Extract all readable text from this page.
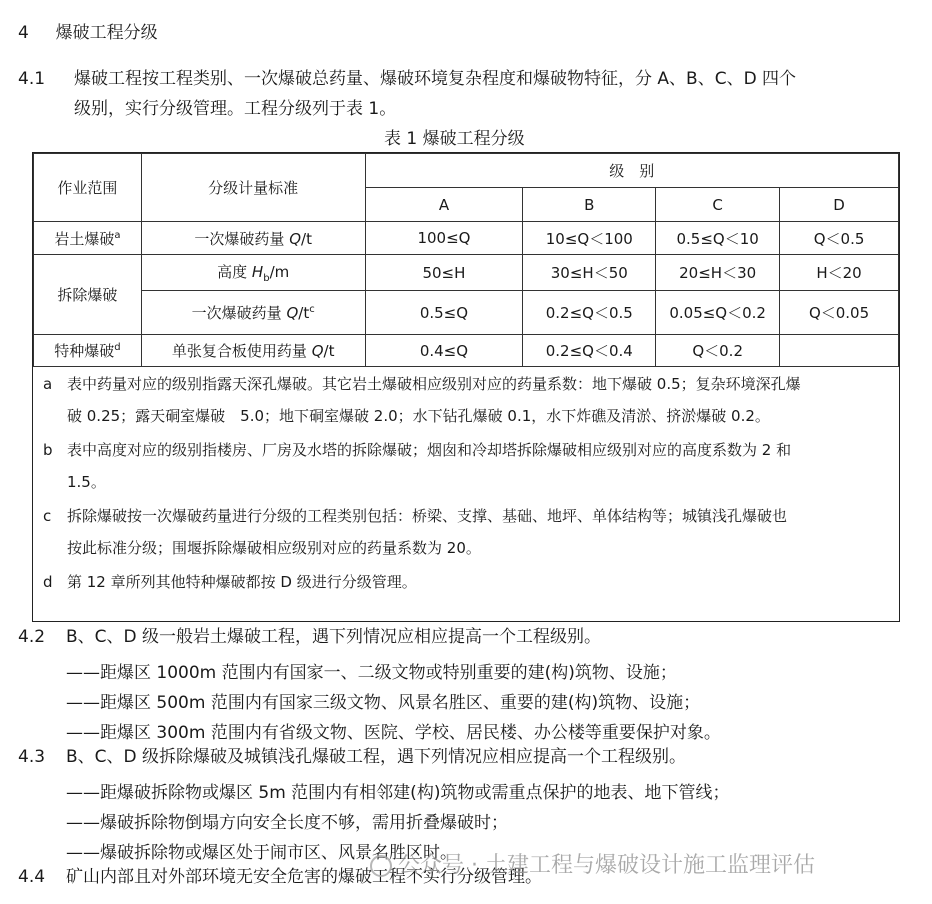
4 爆破工程分级
4.1 爆破工程按工程类别、一次爆破总药量、爆破环境复杂程度和爆破物特征，分 A、B、C、D 四个
级别，实行分级管理。工程分级列于表 1。
表 1 爆破工程分级
作业范围	分级计量标准	级　别			
		A	B	C	D
岩土爆破$^a$	一次爆破药量 Q/t	100≤Q	10≤Q＜100	0.5≤Q＜10	Q＜0.5
拆除爆破	高度 $H_b/m$	50≤H	30≤H＜50	20≤H＜30	H＜20
	一次爆破药量 $Q/t^c$	0.5≤Q	0.2≤Q＜0.5	0.05≤Q＜0.2	Q＜0.05
特种爆破$^d$	单张复合板使用药量 Q/t	0.4≤Q	0.2≤Q＜0.4	Q＜0.2	
a 表中药量对应的级别指露天深孔爆破。其它岩土爆破相应级别对应的药量系数：地下爆破 0.5；复杂环境深孔爆
破 0.25；露天硐室爆破　5.0；地下硐室爆破 2.0；水下钻孔爆破 0.1，水下炸礁及清淤、挤淤爆破 0.2。
b 表中高度对应的级别指楼房、厂房及水塔的拆除爆破；烟囱和冷却塔拆除爆破相应级别对应的高度系数为 2 和
1.5。
c 拆除爆破按一次爆破药量进行分级的工程类别包括：桥梁、支撑、基础、地坪、单体结构等；城镇浅孔爆破也
按此标准分级；围堰拆除爆破相应级别对应的药量系数为 20。
d 第 12 章所列其他特种爆破都按 D 级进行分级管理。
4.2 B、C、D 级一般岩土爆破工程，遇下列情况应相应提高一个工程级别。
——距爆区 1000m 范围内有国家一、二级文物或特别重要的建(构)筑物、设施；
——距爆区 500m 范围内有国家三级文物、风景名胜区、重要的建(构)筑物、设施；
——距爆区 300m 范围内有省级文物、医院、学校、居民楼、办公楼等重要保护对象。
4.3 B、C、D 级拆除爆破及城镇浅孔爆破工程，遇下列情况应相应提高一个工程级别。
——距爆破拆除物或爆区 5m 范围内有相邻建(构)筑物或需重点保护的地表、地下管线；
——爆破拆除物倒塌方向安全长度不够，需用折叠爆破时；
——爆破拆除物或爆区处于闹市区、风景名胜区时。
4.4 矿山内部且对外部环境无安全危害的爆破工程不实行分级管理。
公众号 · 土建工程与爆破设计施工监理评估
